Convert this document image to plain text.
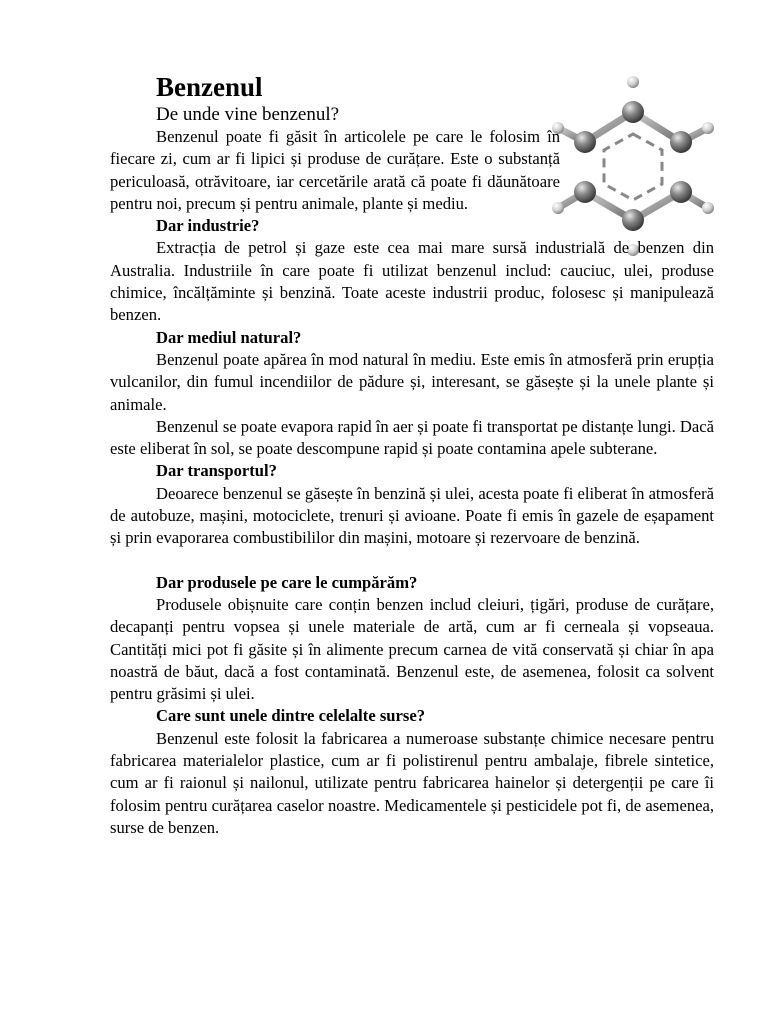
Benzenul
De unde vine benzenul?

Benzenul poate fi găsit în articolele pe care le folosim în fiecare zi, cum ar fi lipici și produse de curățare. Este o substanță periculoasă, otrăvitoare, iar cercetările arată că poate fi dăunătoare pentru noi, precum și pentru animale, plante și mediu.

Dar industrie?

Extracția de petrol și gaze este cea mai mare sursă industrială de benzen din Australia. Industriile în care poate fi utilizat benzenul includ: cauciuc, ulei, produse chimice, încălțăminte și benzină. Toate aceste industrii produc, folosesc și manipulează benzen.

Dar mediul natural?

Benzenul poate apărea în mod natural în mediu. Este emis în atmosferă prin erupția vulcanilor, din fumul incendiilor de pădure și, interesant, se găsește și la unele plante și animale.

Benzenul se poate evapora rapid în aer și poate fi transportat pe distanțe lungi. Dacă este eliberat în sol, se poate descompune rapid și poate contamina apele subterane.

Dar transportul?

Deoarece benzenul se găsește în benzină și ulei, acesta poate fi eliberat în atmosferă de autobuze, mașini, motociclete, trenuri și avioane. Poate fi emis în gazele de eșapament și prin evaporarea combustibililor din mașini, motoare și rezervoare de benzină.

Dar produsele pe care le cumpărăm?

Produsele obișnuite care conțin benzen includ cleiuri, țigări, produse de curățare, decapanți pentru vopsea și unele materiale de artă, cum ar fi cerneala și vopseaua. Cantități mici pot fi găsite și în alimente precum carnea de vită conservată și chiar în apa noastră de băut, dacă a fost contaminată. Benzenul este, de asemenea, folosit ca solvent pentru grăsimi și ulei.

Care sunt unele dintre celelalte surse?

Benzenul este folosit la fabricarea a numeroase substanțe chimice necesare pentru fabricarea materialelor plastice, cum ar fi polistirenul pentru ambalaje, fibrele sintetice, cum ar fi raionul și nailonul, utilizate pentru fabricarea hainelor și detergenții pe care îi folosim pentru curățarea caselor noastre. Medicamentele și pesticidele pot fi, de asemenea, surse de benzen.
